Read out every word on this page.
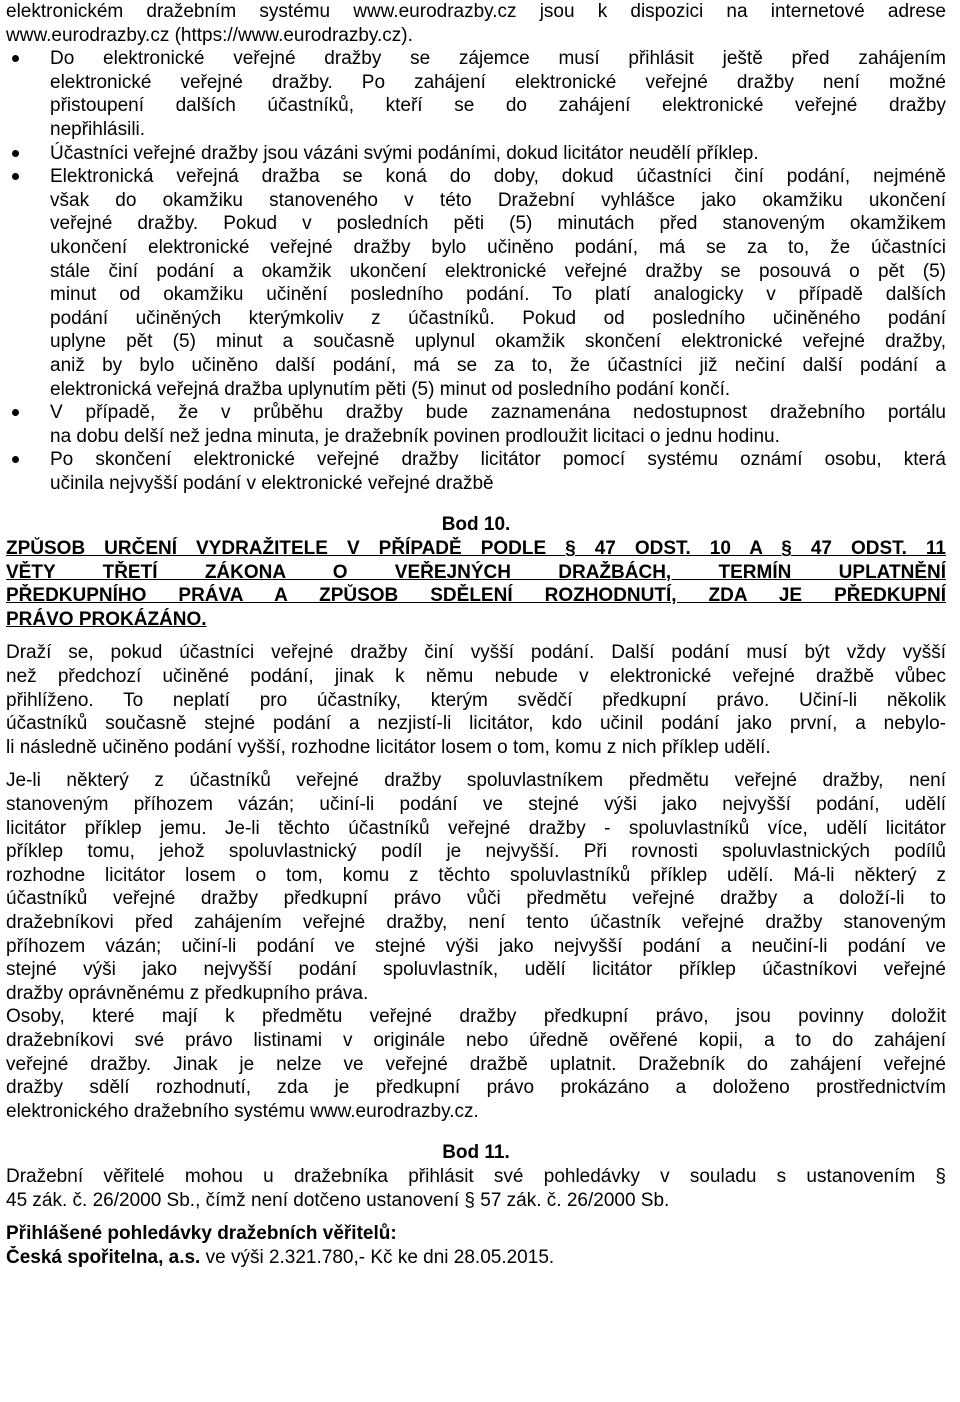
elektronickém dražebním systému www.eurodrazby.cz jsou k dispozici na internetové adrese
www.eurodrazby.cz (https://www.eurodrazby.cz).
Do elektronické veřejné dražby se zájemce musí přihlásit ještě před zahájením
elektronické veřejné dražby. Po zahájení elektronické veřejné dražby není možné
přistoupení dalších účastníků, kteří se do zahájení elektronické veřejné dražby
nepřihlásili.
Účastníci veřejné dražby jsou vázáni svými podáními, dokud licitátor neudělí příklep.
Elektronická veřejná dražba se koná do doby, dokud účastníci činí podání, nejméně
však do okamžiku stanoveného v této Dražební vyhlášce jako okamžiku ukončení
veřejné dražby. Pokud v posledních pěti (5) minutách před stanoveným okamžikem
ukončení elektronické veřejné dražby bylo učiněno podání, má se za to, že účastníci
stále činí podání a okamžik ukončení elektronické veřejné dražby se posouvá o pět (5)
minut od okamžiku učinění posledního podání. To platí analogicky v případě dalších
podání učiněných kterýmkoliv z účastníků. Pokud od posledního učiněného podání
uplyne pět (5) minut a současně uplynul okamžik skončení elektronické veřejné dražby,
aniž by bylo učiněno další podání, má se za to, že účastníci již nečiní další podání a
elektronická veřejná dražba uplynutím pěti (5) minut od posledního podání končí.
V případě, že v průběhu dražby bude zaznamenána nedostupnost dražebního portálu
na dobu delší než jedna minuta, je dražebník povinen prodloužit licitaci o jednu hodinu.
Po skončení elektronické veřejné dražby licitátor pomocí systému oznámí osobu, která
učinila nejvyšší podání v elektronické veřejné dražbě
Bod 10.
ZPŮSOB URČENÍ VYDRAŽITELE V PŘÍPADĚ PODLE § 47 ODST. 10 A § 47 ODST. 11
VĚTY TŘETÍ ZÁKONA O VEŘEJNÝCH DRAŽBÁCH, TERMÍN UPLATNĚNÍ
PŘEDKUPNÍHO PRÁVA A ZPŮSOB SDĚLENÍ ROZHODNUTÍ, ZDA JE PŘEDKUPNÍ
PRÁVO PROKÁZÁNO.
Draží se, pokud účastníci veřejné dražby činí vyšší podání. Další podání musí být vždy vyšší
než předchozí učiněné podání, jinak k němu nebude v elektronické veřejné dražbě vůbec
přihlíženo. To neplatí pro účastníky, kterým svědčí předkupní právo. Učiní-li několik
účastníků současně stejné podání a nezjistí-li licitátor, kdo učinil podání jako první, a nebylo-
li následně učiněno podání vyšší, rozhodne licitátor losem o tom, komu z nich příklep udělí.
Je-li některý z účastníků veřejné dražby spoluvlastníkem předmětu veřejné dražby, není
stanoveným příhozem vázán; učiní-li podání ve stejné výši jako nejvyšší podání, udělí
licitátor příklep jemu. Je-li těchto účastníků veřejné dražby - spoluvlastníků více, udělí licitátor
příklep tomu, jehož spoluvlastnický podíl je nejvyšší. Při rovnosti spoluvlastnických podílů
rozhodne licitátor losem o tom, komu z těchto spoluvlastníků příklep udělí. Má-li některý z
účastníků veřejné dražby předkupní právo vůči předmětu veřejné dražby a doloží-li to
dražebníkovi před zahájením veřejné dražby, není tento účastník veřejné dražby stanoveným
příhozem vázán; učiní-li podání ve stejné výši jako nejvyšší podání a neučiní-li podání ve
stejné výši jako nejvyšší podání spoluvlastník, udělí licitátor příklep účastníkovi veřejné
dražby oprávněnému z předkupního práva.
Osoby, které mají k předmětu veřejné dražby předkupní právo, jsou povinny doložit
dražebníkovi své právo listinami v originále nebo úředně ověřené kopii, a to do zahájení
veřejné dražby. Jinak je nelze ve veřejné dražbě uplatnit. Dražebník do zahájení veřejné
dražby sdělí rozhodnutí, zda je předkupní právo prokázáno a doloženo prostřednictvím
elektronického dražebního systému www.eurodrazby.cz.
Bod 11.
Dražební věřitelé mohou u dražebníka přihlásit své pohledávky v souladu s ustanovením §
45 zák. č. 26/2000 Sb., čímž není dotčeno ustanovení § 57 zák. č. 26/2000 Sb.
Přihlášené pohledávky dražebních věřitelů:
Česká spořitelna, a.s. ve výši 2.321.780,- Kč ke dni 28.05.2015.
